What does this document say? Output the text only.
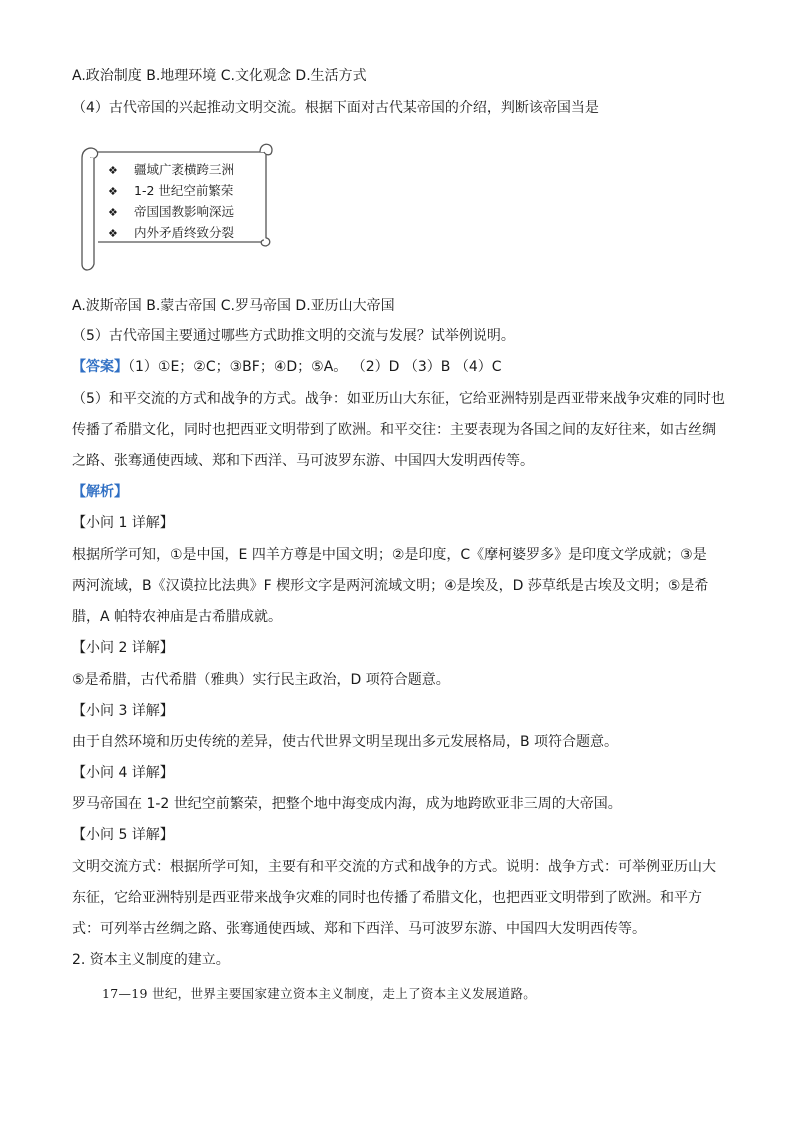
A.政治制度 B.地理环境 C.文化观念 D.生活方式
（4）古代帝国的兴起推动文明交流。根据下面对古代某帝国的介绍，判断该帝国当是
❖ 疆域广袤横跨三洲
❖ 1-2 世纪空前繁荣
❖ 帝国国教影响深远
❖ 内外矛盾终致分裂
A.波斯帝国 B.蒙古帝国 C.罗马帝国 D.亚历山大帝国
（5）古代帝国主要通过哪些方式助推文明的交流与发展？试举例说明。
【答案】（1）①E；②C；③BF；④D；⑤A。 （2）D （3）B （4）C
（5）和平交流的方式和战争的方式。战争：如亚历山大东征，它给亚洲特别是西亚带来战争灾难的同时也
传播了希腊文化，同时也把西亚文明带到了欧洲。和平交往：主要表现为各国之间的友好往来，如古丝绸
之路、张骞通使西域、郑和下西洋、马可波罗东游、中国四大发明西传等。
【解析】
【小问 1 详解】
根据所学可知，①是中国，E 四羊方尊是中国文明；②是印度，C《摩柯婆罗多》是印度文学成就；③是
两河流域，B《汉谟拉比法典》F 楔形文字是两河流域文明；④是埃及，D 莎草纸是古埃及文明；⑤是希
腊，A 帕特农神庙是古希腊成就。
【小问 2 详解】
⑤是希腊，古代希腊（雅典）实行民主政治，D 项符合题意。
【小问 3 详解】
由于自然环境和历史传统的差异，使古代世界文明呈现出多元发展格局，B 项符合题意。
【小问 4 详解】
罗马帝国在 1-2 世纪空前繁荣，把整个地中海变成内海，成为地跨欧亚非三周的大帝国。
【小问 5 详解】
文明交流方式：根据所学可知，主要有和平交流的方式和战争的方式。说明：战争方式：可举例亚历山大
东征，它给亚洲特别是西亚带来战争灾难的同时也传播了希腊文化，也把西亚文明带到了欧洲。和平方
式：可列举古丝绸之路、张骞通使西域、郑和下西洋、马可波罗东游、中国四大发明西传等。
2. 资本主义制度的建立。
17—19 世纪，世界主要国家建立资本主义制度，走上了资本主义发展道路。
